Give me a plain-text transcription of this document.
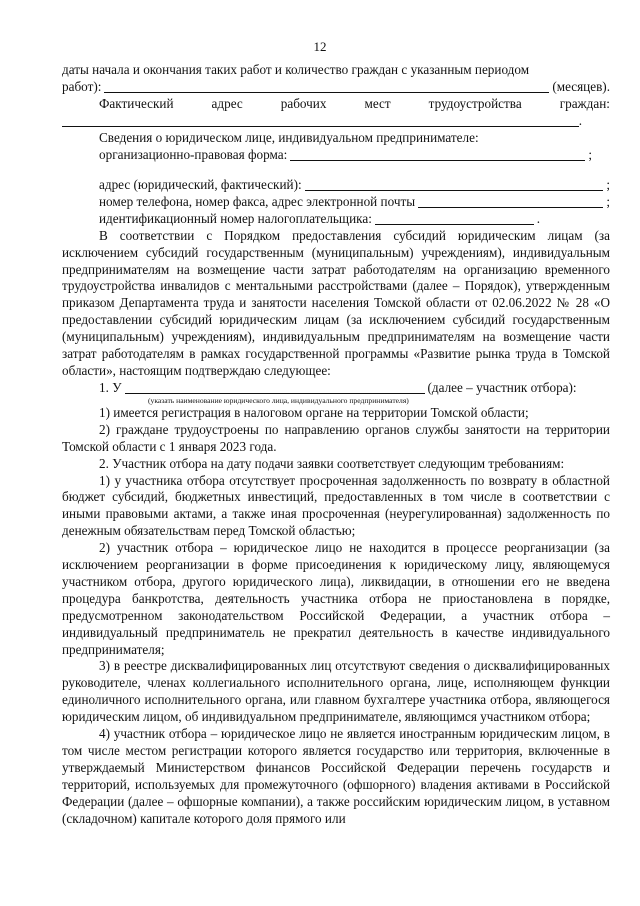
12

даты начала и окончания таких работ и количество граждан с указанным периодом

работ):	(месяцев).
Фактический	адрес	рабочих	мест	трудоустройства	граждан:
.

Сведения о юридическом лице, индивидуальном предпринимателе:

организационно-правовая форма:	;
адрес (юридический, фактический):	;
номер телефона, номер факса, адрес электронной почты	;
идентификационный номер налогоплательщика:	.

В соответствии с Порядком предоставления субсидий юридическим лицам (за исключением субсидий государственным (муниципальным) учреждениям), индивидуальным предпринимателям на возмещение части затрат работодателям на организацию временного трудоустройства инвалидов с ментальными расстройствами (далее – Порядок), утвержденным приказом Департамента труда и занятости населения Томской области от 02.06.2022 № 28 «О предоставлении субсидий юридическим лицам (за исключением субсидий государственным (муниципальным) учреждениям), индивидуальным предпринимателям на возмещение части затрат работодателям в рамках государственной программы «Развитие рынка труда в Томской области», настоящим подтверждаю следующее:

1. У	(далее – участник отбора):
(указать наименование юридического лица, индивидуального предпринимателя)

1) имеется регистрация в налоговом органе на территории Томской области;

2) граждане трудоустроены по направлению органов службы занятости на территории Томской области с 1 января 2023 года.

2. Участник отбора на дату подачи заявки соответствует следующим требованиям:

1) у участника отбора отсутствует просроченная задолженность по возврату в областной бюджет субсидий, бюджетных инвестиций, предоставленных в том числе в соответствии с иными правовыми актами, а также иная просроченная (неурегулированная) задолженность по денежным обязательствам перед Томской областью;

2) участник отбора – юридическое лицо не находится в процессе реорганизации (за исключением реорганизации в форме присоединения к юридическому лицу, являющемуся участником отбора, другого юридического лица), ликвидации, в отношении его не введена процедура банкротства, деятельность участника отбора не приостановлена в порядке, предусмотренном законодательством Российской Федерации, а участник отбора – индивидуальный предприниматель не прекратил деятельность в качестве индивидуального предпринимателя;

3) в реестре дисквалифицированных лиц отсутствуют сведения о дисквалифицированных руководителе, членах коллегиального исполнительного органа, лице, исполняющем функции единоличного исполнительного органа, или главном бухгалтере участника отбора, являющегося юридическим лицом, об индивидуальном предпринимателе, являющимся участником отбора;

4) участник отбора – юридическое лицо не является иностранным юридическим лицом, в том числе местом регистрации которого является государство или территория, включенные в утверждаемый Министерством финансов Российской Федерации перечень государств и территорий, используемых для промежуточного (офшорного) владения активами в Российской Федерации (далее – офшорные компании), а также российским юридическим лицом, в уставном (складочном) капитале которого доля прямого или
